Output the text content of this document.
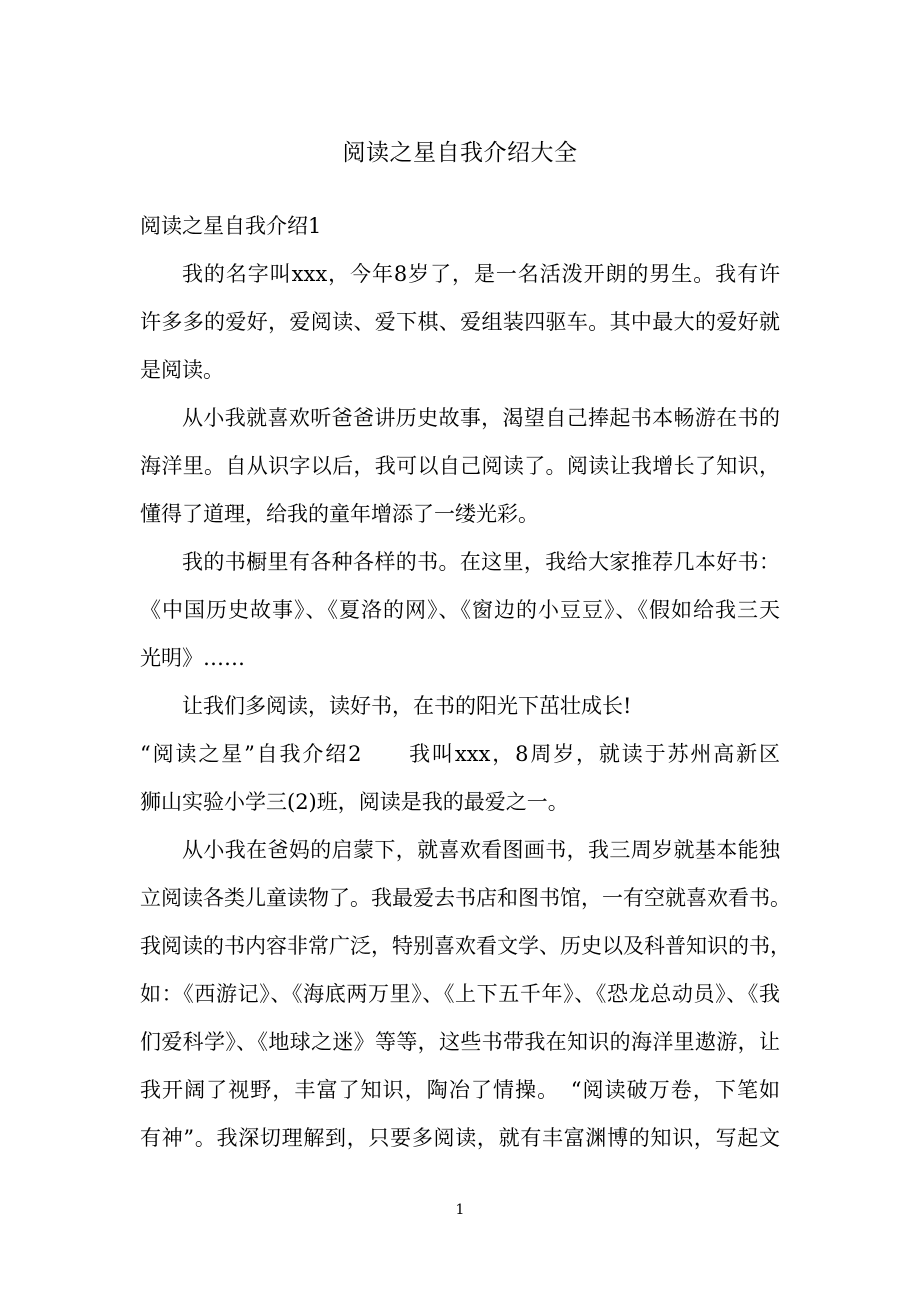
阅读之星自我介绍大全

阅读之星自我介绍1

我的名字叫xxx，今年8岁了，是一名活泼开朗的男生。我有许

许多多的爱好，爱阅读、爱下棋、爱组装四驱车。其中最大的爱好就

是阅读。

从小我就喜欢听爸爸讲历史故事，渴望自己捧起书本畅游在书的

海洋里。自从识字以后，我可以自己阅读了。阅读让我增长了知识，

懂得了道理，给我的童年增添了一缕光彩。

我的书橱里有各种各样的书。在这里，我给大家推荐几本好书：

《中国历史故事》、《夏洛的网》、《窗边的小豆豆》、《假如给我三天

光明》……

让我们多阅读，读好书，在书的阳光下茁壮成长!

“阅读之星”自我介绍2　　我叫xxx，8周岁，就读于苏州高新区

狮山实验小学三(2)班，阅读是我的最爱之一。

从小我在爸妈的启蒙下，就喜欢看图画书，我三周岁就基本能独

立阅读各类儿童读物了。我最爱去书店和图书馆，一有空就喜欢看书。

我阅读的书内容非常广泛，特别喜欢看文学、历史以及科普知识的书，

如：《西游记》、《海底两万里》、《上下五千年》、《恐龙总动员》、《我

们爱科学》、《地球之迷》等等，这些书带我在知识的海洋里遨游，让

我开阔了视野，丰富了知识，陶冶了情操。　“阅读破万卷，下笔如

有神”。我深切理解到，只要多阅读，就有丰富渊博的知识，写起文

1
